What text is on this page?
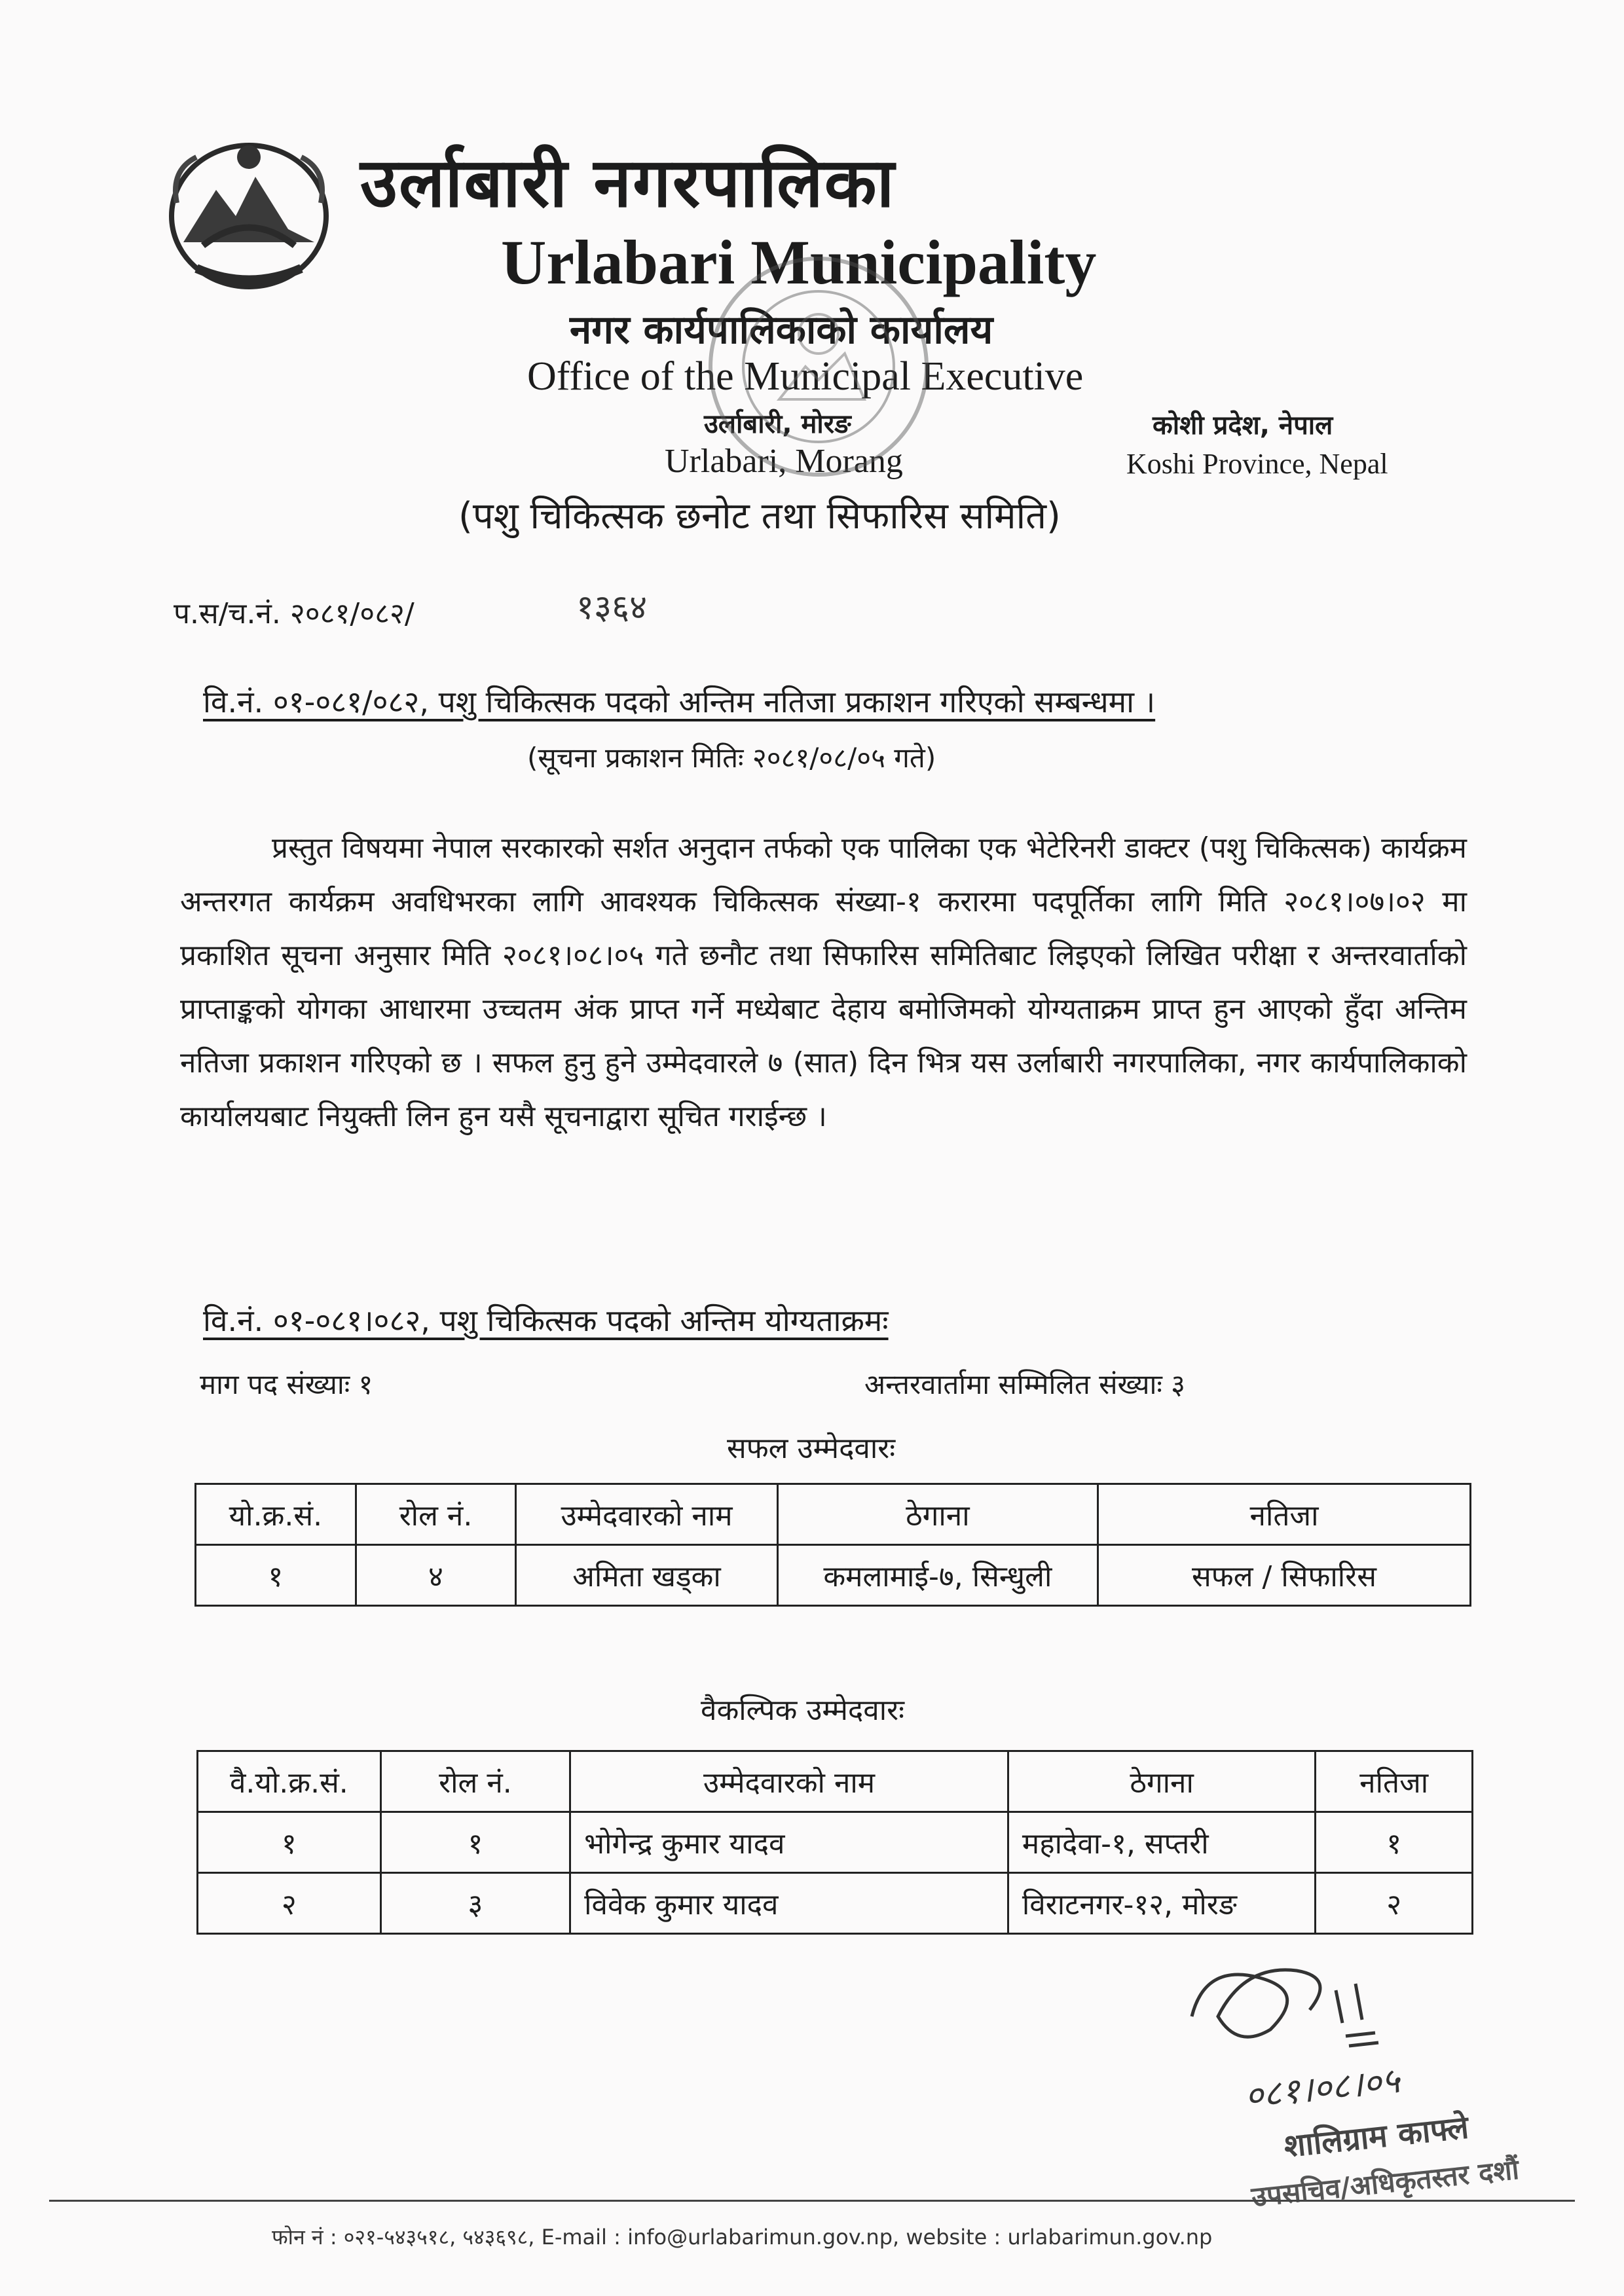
उर्लाबारी नगरपालिका
Urlabari Municipality
नगर कार्यपालिकाको कार्यालय
Office of the Municipal Executive
उर्लाबारी, मोरङ
Urlabari, Morang
कोशी प्रदेश, नेपाल
Koshi Province, Nepal
(पशु चिकित्सक छनोट तथा सिफारिस समिति)
प.स/च.नं. २०८१/०८२/	१३६४
वि.नं. ०१-०८१/०८२, पशु चिकित्सक पदको अन्तिम नतिजा प्रकाशन गरिएको सम्बन्धमा ।
(सूचना प्रकाशन मितिः २०८१/०८/०५ गते)
प्रस्तुत विषयमा नेपाल सरकारको सर्शत अनुदान तर्फको एक पालिका एक भेटेरिनरी डाक्टर (पशु चिकित्सक) कार्यक्रम अन्तरगत कार्यक्रम अवधिभरका लागि आवश्यक चिकित्सक संख्या-१ करारमा पदपूर्तिका लागि मिति २०८१।०७।०२ मा प्रकाशित सूचना अनुसार मिति २०८१।०८।०५ गते छनौट तथा सिफारिस समितिबाट लिइएको लिखित परीक्षा र अन्तरवार्ताको प्राप्ताङ्कको योगका आधारमा उच्चतम अंक प्राप्त गर्ने मध्येबाट देहाय बमोजिमको योग्यताक्रम प्राप्त हुन आएको हुँदा अन्तिम नतिजा प्रकाशन गरिएको छ । सफल हुनु हुने उम्मेदवारले ७ (सात) दिन भित्र यस उर्लाबारी नगरपालिका, नगर कार्यपालिकाको कार्यालयबाट नियुक्ती लिन हुन यसै सूचनाद्वारा सूचित गराईन्छ ।
वि.नं. ०१-०८१।०८२, पशु चिकित्सक पदको अन्तिम योग्यताक्रमः
माग पद संख्याः १	अन्तरवार्तामा सम्मिलित संख्याः ३
सफल उम्मेदवारः
यो.क्र.सं.	रोल नं.	उम्मेदवारको नाम	ठेगाना	नतिजा
१	४	अमिता खड्का	कमलामाई-७, सिन्धुली	सफल / सिफारिस
वैकल्पिक उम्मेदवारः
वै.यो.क्र.सं.	रोल नं.	उम्मेदवारको नाम	ठेगाना	नतिजा
१	१	भोगेन्द्र कुमार यादव	महादेवा-१, सप्तरी	१
२	३	विवेक कुमार यादव	विराटनगर-१२, मोरङ	२
०८१।०८।०५
शालिग्राम काफ्ले
उपसचिव/अधिकृतस्तर दशौं
फोन नं : ०२१-५४३५१८, ५४३६९८, E-mail : info@urlabarimun.gov.np, website : urlabarimun.gov.np
